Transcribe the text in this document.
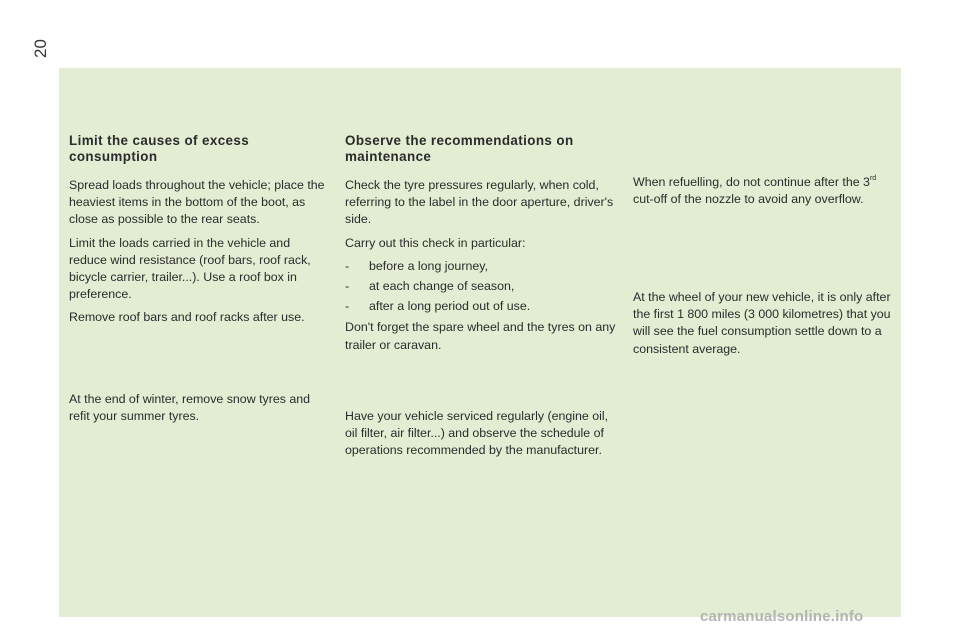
20
Limit the causes of excess consumption

Spread loads throughout the vehicle; place the heaviest items in the bottom of the boot, as close as possible to the rear seats.

Limit the loads carried in the vehicle and reduce wind resistance (roof bars, roof rack, bicycle carrier, trailer...). Use a roof box in preference.

Remove roof bars and roof racks after use.

At the end of winter, remove snow tyres and refit your summer tyres.

Observe the recommendations on maintenance

Check the tyre pressures regularly, when cold, referring to the label in the door aperture, driver's side.

Carry out this check in particular:

- before a long journey,
- at each change of season,
- after a long period out of use.

Don't forget the spare wheel and the tyres on any trailer or caravan.

Have your vehicle serviced regularly (engine oil, oil filter, air filter...) and observe the schedule of operations recommended by the manufacturer.

When refuelling, do not continue after the 3rd cut-off of the nozzle to avoid any overflow.

At the wheel of your new vehicle, it is only after the first 1 800 miles (3 000 kilometres) that you will see the fuel consumption settle down to a consistent average.

carmanualsonline.info
